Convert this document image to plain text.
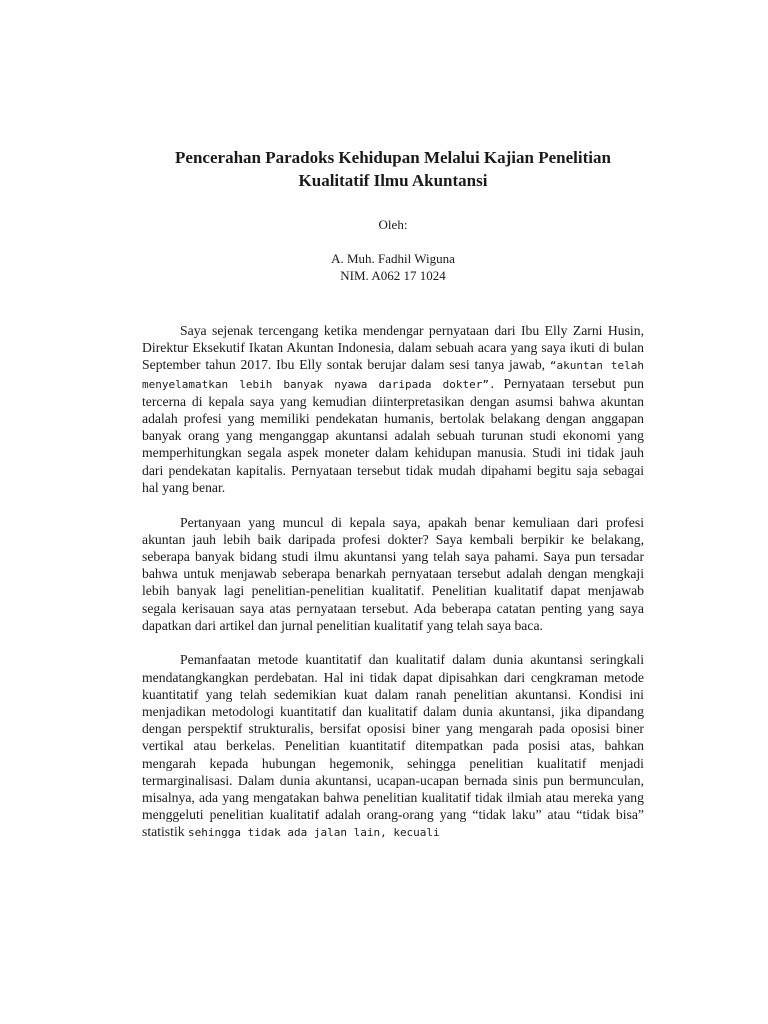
Pencerahan Paradoks Kehidupan Melalui Kajian Penelitian
Kualitatif Ilmu Akuntansi
Oleh:
A. Muh. Fadhil Wiguna
NIM. A062 17 1024

Saya sejenak tercengang ketika mendengar pernyataan dari Ibu Elly Zarni Husin, Direktur Eksekutif Ikatan Akuntan Indonesia, dalam sebuah acara yang saya ikuti di bulan September tahun 2017. Ibu Elly sontak berujar dalam sesi tanya jawab, “akuntan telah menyelamatkan lebih banyak nyawa daripada dokter”. Pernyataan tersebut pun tercerna di kepala saya yang kemudian diinterpretasikan dengan asumsi bahwa akuntan adalah profesi yang memiliki pendekatan humanis, bertolak belakang dengan anggapan banyak orang yang menganggap akuntansi adalah sebuah turunan studi ekonomi yang memperhitungkan segala aspek moneter dalam kehidupan manusia. Studi ini tidak jauh dari pendekatan kapitalis. Pernyataan tersebut tidak mudah dipahami begitu saja sebagai hal yang benar.

Pertanyaan yang muncul di kepala saya, apakah benar kemuliaan dari profesi akuntan jauh lebih baik daripada profesi dokter? Saya kembali berpikir ke belakang, seberapa banyak bidang studi ilmu akuntansi yang telah saya pahami. Saya pun tersadar bahwa untuk menjawab seberapa benarkah pernyataan tersebut adalah dengan mengkaji lebih banyak lagi penelitian-penelitian kualitatif. Penelitian kualitatif dapat menjawab segala kerisauan saya atas pernyataan tersebut. Ada beberapa catatan penting yang saya dapatkan dari artikel dan jurnal penelitian kualitatif yang telah saya baca.

Pemanfaatan metode kuantitatif dan kualitatif dalam dunia akuntansi seringkali mendatangkangkan perdebatan. Hal ini tidak dapat dipisahkan dari cengkraman metode kuantitatif yang telah sedemikian kuat dalam ranah penelitian akuntansi. Kondisi ini menjadikan metodologi kuantitatif dan kualitatif dalam dunia akuntansi, jika dipandang dengan perspektif strukturalis, bersifat oposisi biner yang mengarah pada oposisi biner vertikal atau berkelas. Penelitian kuantitatif ditempatkan pada posisi atas, bahkan mengarah kepada hubungan hegemonik, sehingga penelitian kualitatif menjadi termarginalisasi. Dalam dunia akuntansi, ucapan-ucapan bernada sinis pun bermunculan, misalnya, ada yang mengatakan bahwa penelitian kualitatif tidak ilmiah atau mereka yang menggeluti penelitian kualitatif adalah orang-orang yang “tidak laku” atau “tidak bisa” statistik sehingga tidak ada jalan lain, kecuali
